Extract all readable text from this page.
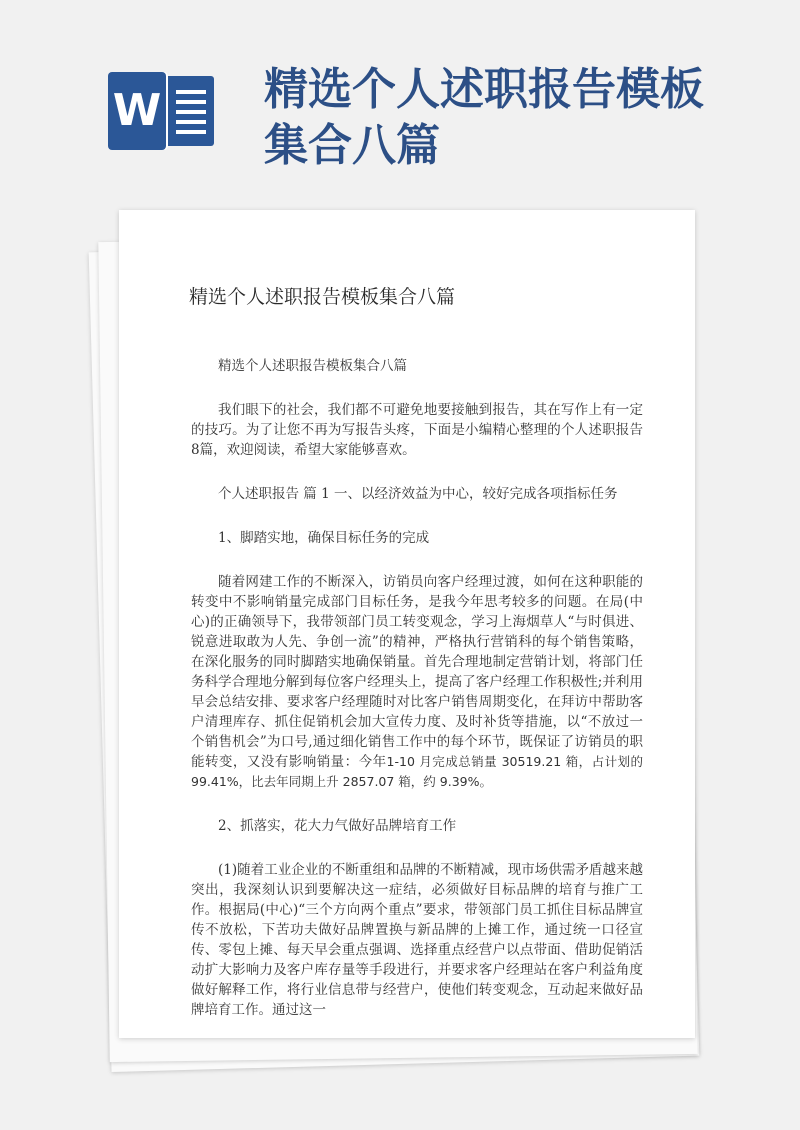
W 精选个人述职报告模板
集合八篇
精选个人述职报告模板集合八篇

精选个人述职报告模板集合八篇

我们眼下的社会，我们都不可避免地要接触到报告，其在写作上有一定的技巧。为了让您不再为写报告头疼，下面是小编精心整理的个人述职报告8篇，欢迎阅读，希望大家能够喜欢。

个人述职报告 篇 1 一、以经济效益为中心，较好完成各项指标任务

1、脚踏实地，确保目标任务的完成

随着网建工作的不断深入，访销员向客户经理过渡，如何在这种职能的转变中不影响销量完成部门目标任务，是我今年思考较多的问题。在局(中心)的正确领导下，我带领部门员工转变观念，学习上海烟草人“与时俱进、锐意进取敢为人先、争创一流”的精神，严格执行营销科的每个销售策略，在深化服务的同时脚踏实地确保销量。首先合理地制定营销计划，将部门任务科学合理地分解到每位客户经理头上，提高了客户经理工作积极性;并利用早会总结安排、要求客户经理随时对比客户销售周期变化，在拜访中帮助客户清理库存、抓住促销机会加大宣传力度、及时补货等措施，以“不放过一个销售机会”为口号,通过细化销售工作中的每个环节，既保证了访销员的职能转变，又没有影响销量：今年1-10 月完成总销量 30519.21 箱，占计划的 99.41%，比去年同期上升 2857.07 箱，约 9.39%。

2、抓落实，花大力气做好品牌培育工作

(1)随着工业企业的不断重组和品牌的不断精减，现市场供需矛盾越来越突出，我深刻认识到要解决这一症结，必须做好目标品牌的培育与推广工作。根据局(中心)“三个方向两个重点”要求，带领部门员工抓住目标品牌宣传不放松，下苦功夫做好品牌置换与新品牌的上摊工作，通过统一口径宣传、零包上摊、每天早会重点强调、选择重点经营户以点带面、借助促销活动扩大影响力及客户库存量等手段进行，并要求客户经理站在客户利益角度做好解释工作，将行业信息带与经营户，使他们转变观念，互动起来做好品牌培育工作。通过这一
